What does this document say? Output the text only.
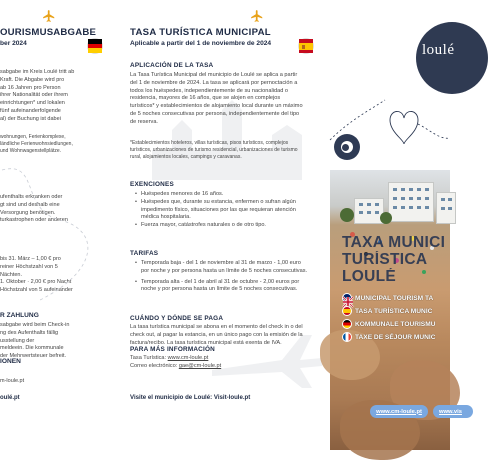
OURISMUSABGABE
ber 2024
sabgabe im Kreis Loulé tritt ab
Kraft. Die Abgabe wird pro
ab 16 Jahren pro Person
ihrer Nationalität oder ihrem
einrichtungen* und lokalen
fünf aufeinanderfolgende
al) der Buchung ist dabei
wohnungen, Ferienkomplexe,
ländliche Ferienwohnsiedlungen,
und Wohnwagenstellplätze.
ufenthalts erkranken oder
gt sind und deshalb eine
Versorgung benötigen.
turkastrophen oder anderen
bis 31. März – 1,00 € pro
reiner Höchstzahl von 5
Nächten.
1. Oktober · 2,00 € pro Nacht
Höchstzahl von 5 aufeinander
R ZAHLUNG
sabgabe wird beim Check-in
ng des Aufenthalts fällig
usstellung der
meldeein. Die kommunale
der Mehrwertsteuer befreit.
IONEN
m-loule.pt
oulé.pt
TASA TURÍSTICA MUNICIPAL
Aplicable a partir del 1 de noviembre de 2024
APLICACIÓN DE LA TASA
La Tasa Turística Municipal del municipio de Loulé se aplica a partir del 1 de noviembre de 2024. La tasa se aplicará por pernoctación a todos los huéspedes, independientemente de su nacionalidad o residencia, mayores de 16 años, que se alojen en complejos turísticos* y establecimientos de alojamiento local durante un máximo de 5 noches consecutivas por persona, independientemente del tipo de reserva.
*Establecimientos hoteleros, villas turísticas, pisos turísticos, complejos turísticos, urbanizaciones de turismo residencial, urbanizaciones de turismo rural, alojamientos locales, campings y caravanas.
EXENCIONES
• Huéspedes menores de 16 años.
• Huéspedes que, durante su estancia, enfermen o sufran algún impedimento físico, situaciones por las que requieran atención médica hospitalaria.
• Fuerza mayor, catástrofes naturales o de otro tipo.
TARIFAS
• Temporada baja - del 1 de noviembre al 31 de marzo - 1,00 euro por noche y por persona hasta un límite de 5 noches consecutivas.
• Temporada alta - del 1 de abril al 31 de octubre - 2,00 euros por noche y por persona hasta un límite de 5 noches consecutivas.
CUÁNDO Y DÓNDE SE PAGA
La tasa turística municipal se abona en el momento del check in o del check out, al pagar la estancia, en un único pago con la emisión de la factura/recibo. La tasa turística municipal está exenta de IVA.
PARA MÁS INFORMACIÓN
Tasa Turística: www.cm-loule.pt
Correo electrónico: gae@cm-loule.pt
Visite el municipio de Loulé: Visit-loule.pt
loulé
TAXA MUNICI
TURÍSTICA
LOULÉ
MUNICIPAL TOURISM TA
TASA TURÍSTICA MUNIC
KOMMUNALE TOURISMU
TAXE DE SÉJOUR MUNIC
www.cm-loule.pt	www.vis
